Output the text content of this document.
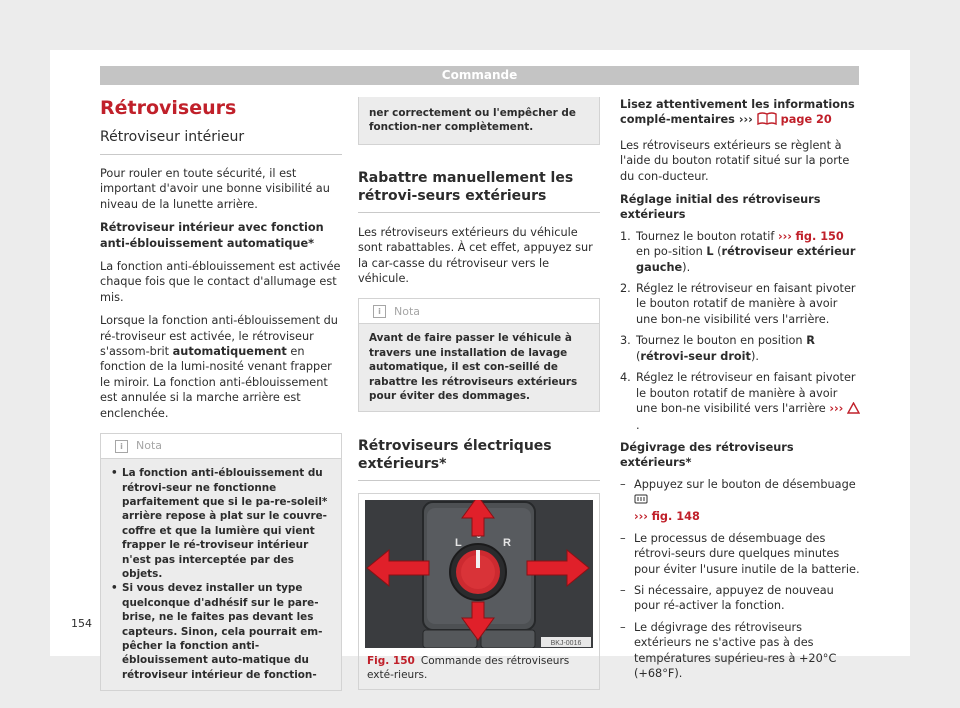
Commande
Rétroviseurs
Rétroviseur intérieur

Pour rouler en toute sécurité, il est important d'avoir une bonne visibilité au niveau de la lunette arrière.

Rétroviseur intérieur avec fonction anti-éblouissement automatique*

La fonction anti-éblouissement est activée chaque fois que le contact d'allumage est mis.

Lorsque la fonction anti-éblouissement du ré-troviseur est activée, le rétroviseur s'assom-brit automatiquement en fonction de la lumi-nosité venant frapper le miroir. La fonction anti-éblouissement est annulée si la marche arrière est enclenchée.

i	Nota
• La fonction anti-éblouissement du rétrovi-seur ne fonctionne parfaitement que si le pa-re-soleil* arrière repose à plat sur le couvre-coffre et que la lumière qui vient frapper le ré-troviseur intérieur n'est pas interceptée par des objets.
• Si vous devez installer un type quelconque d'adhésif sur le pare-brise, ne le faites pas devant les capteurs. Sinon, cela pourrait em-pêcher la fonction anti-éblouissement auto-matique du rétroviseur intérieur de fonction-
ner correctement ou l'empêcher de fonction-ner complètement.
Rabattre manuellement les rétrovi-seurs extérieurs

Les rétroviseurs extérieurs du véhicule sont rabattables. À cet effet, appuyez sur la car-casse du rétroviseur vers le véhicule.

i	Nota
Avant de faire passer le véhicule à travers une installation de lavage automatique, il est con-seillé de rabattre les rétroviseurs extérieurs pour éviter des dommages.
Rétroviseurs électriques extérieurs*
L	R
BKJ-0016
Fig. 150 Commande des rétroviseurs exté-rieurs.

Lisez attentivement les informations complé-mentaires ››› page 20

Les rétroviseurs extérieurs se règlent à l'aide du bouton rotatif situé sur la porte du con-ducteur.

Réglage initial des rétroviseurs extérieurs

1. Tournez le bouton rotatif ››› fig. 150 en po-sition L (rétroviseur extérieur gauche).
2. Réglez le rétroviseur en faisant pivoter le bouton rotatif de manière à avoir une bon-ne visibilité vers l'arrière.
3. Tournez le bouton en position R (rétrovi-seur droit).
4. Réglez le rétroviseur en faisant pivoter le bouton rotatif de manière à avoir une bon-ne visibilité vers l'arrière ››› .

Dégivrage des rétroviseurs extérieurs*

– Appuyez sur le bouton de désembuage
››› fig. 148
– Le processus de désembuage des rétrovi-seurs dure quelques minutes pour éviter l'usure inutile de la batterie.
– Si nécessaire, appuyez de nouveau pour ré-activer la fonction.
– Le dégivrage des rétroviseurs extérieurs ne s'active pas à des températures supérieu-res à +20°C (+68°F).
154
